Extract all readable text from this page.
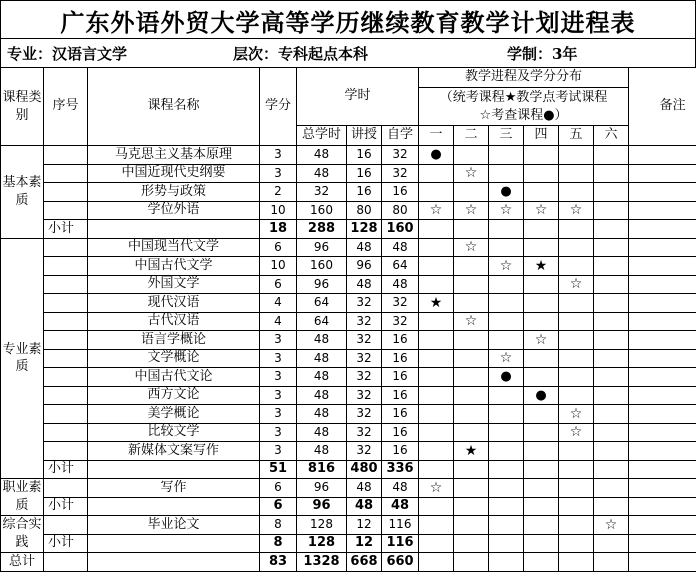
广东外语外贸大学高等学历继续教育教学计划进程表
专业：汉语言文学	层次：专科起点本科	学制：3年
课程类别	序号	课程名称	学分	学时			教学进程及学分分布						备注

							（统考课程★教学点考试课程
☆考查课程●）						

				总学时	讲授	自学	一	二	三	四	五	六	
基本素质		马克思主义基本原理	3	48	16	32	●						
		中国近现代史纲要	3	48	16	32		☆					
		形势与政策	2	32	16	16			●				
		学位外语	10	160	80	80	☆	☆	☆	☆	☆		
	小计		18	288	128	160							
专业素质		中国现当代文学	6	96	48	48		☆					
		中国古代文学	10	160	96	64			☆	★			
		外国文学	6	96	48	48					☆		
		现代汉语	4	64	32	32	★						
		古代汉语	4	64	32	32		☆					
		语言学概论	3	48	32	16				☆			
		文学概论	3	48	32	16			☆				
		中国古代文论	3	48	32	16			●				
		西方文论	3	48	32	16				●			
		美学概论	3	48	32	16					☆		
		比较文学	3	48	32	16					☆		
		新媒体文案写作	3	48	32	16		★					
	小计		51	816	480	336							
职业素质		写作	6	96	48	48	☆						
	小计		6	96	48	48							
综合实践		毕业论文	8	128	12	116						☆	
	小计		8	128	12	116							
总计			83	1328	668	660							
